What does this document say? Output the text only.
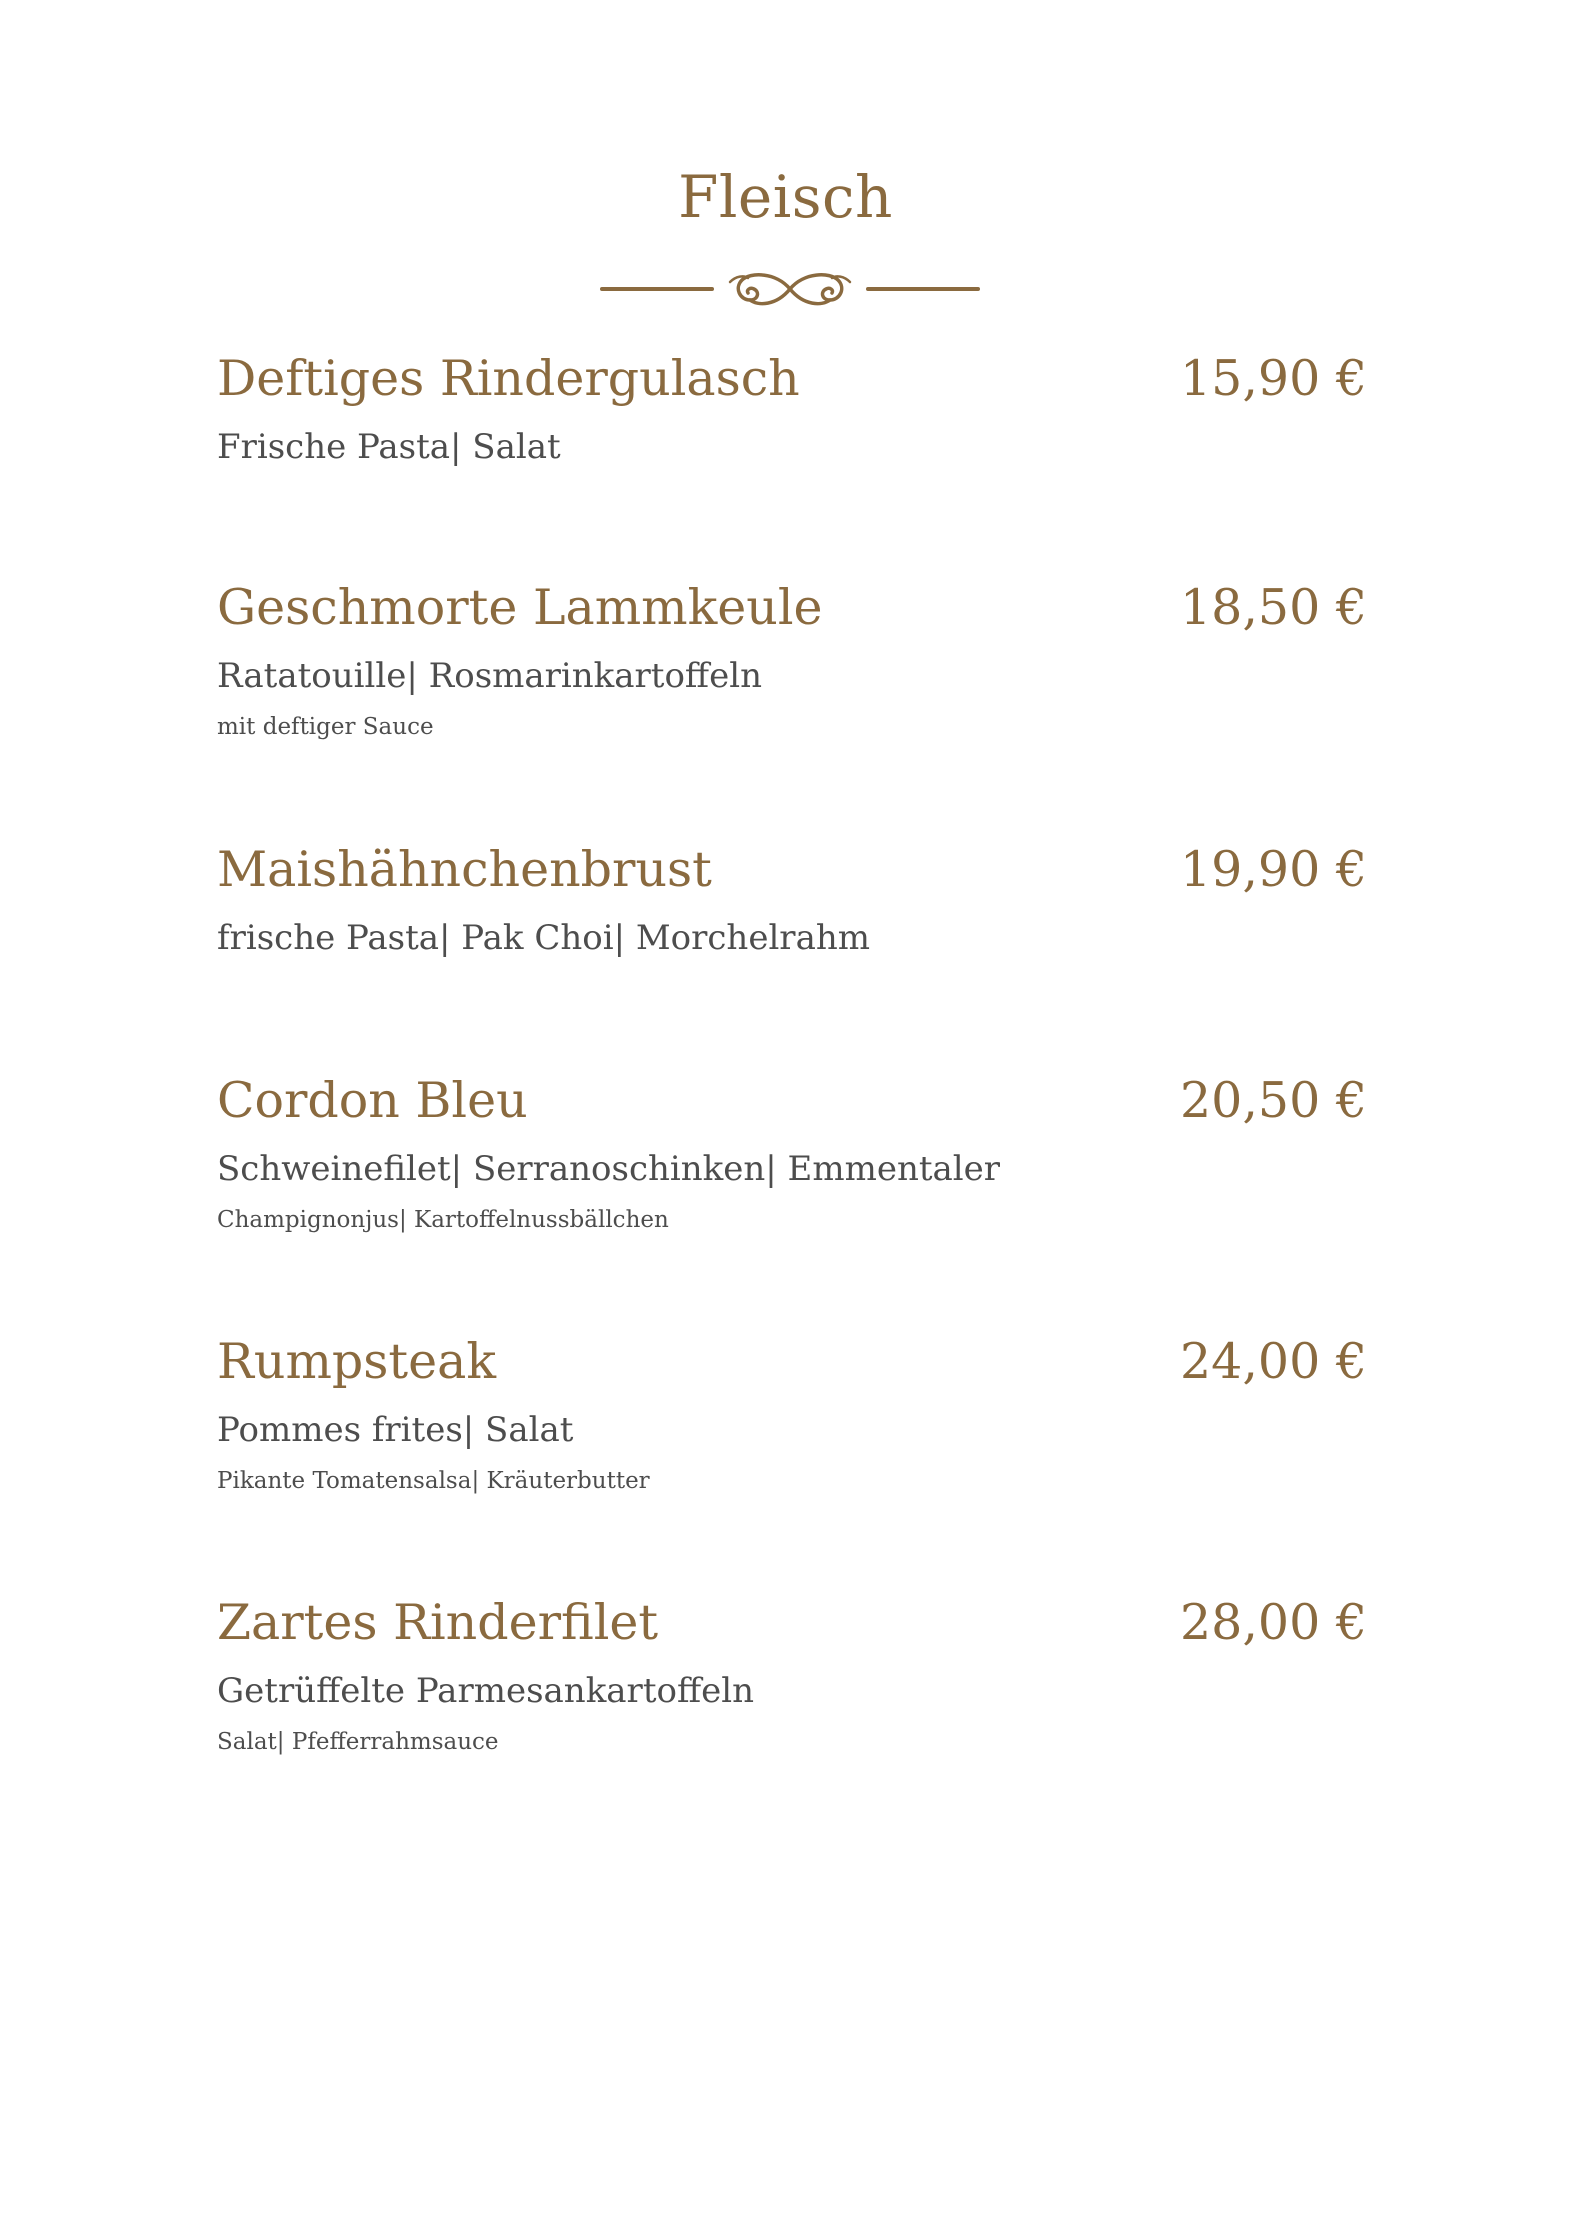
Fleisch
Deftiges Rindergulasch	15,90 €
Frische Pasta| Salat
Geschmorte Lammkeule	18,50 €
Ratatouille| Rosmarinkartoffeln
mit deftiger Sauce
Maishähnchenbrust	19,90 €
frische Pasta| Pak Choi| Morchelrahm
Cordon Bleu	20,50 €
Schweinefilet| Serranoschinken| Emmentaler
Champignonjus| Kartoffelnussbällchen
Rumpsteak	24,00 €
Pommes frites| Salat
Pikante Tomatensalsa| Kräuterbutter
Zartes Rinderfilet	28,00 €
Getrüffelte Parmesankartoffeln
Salat| Pfefferrahmsauce
